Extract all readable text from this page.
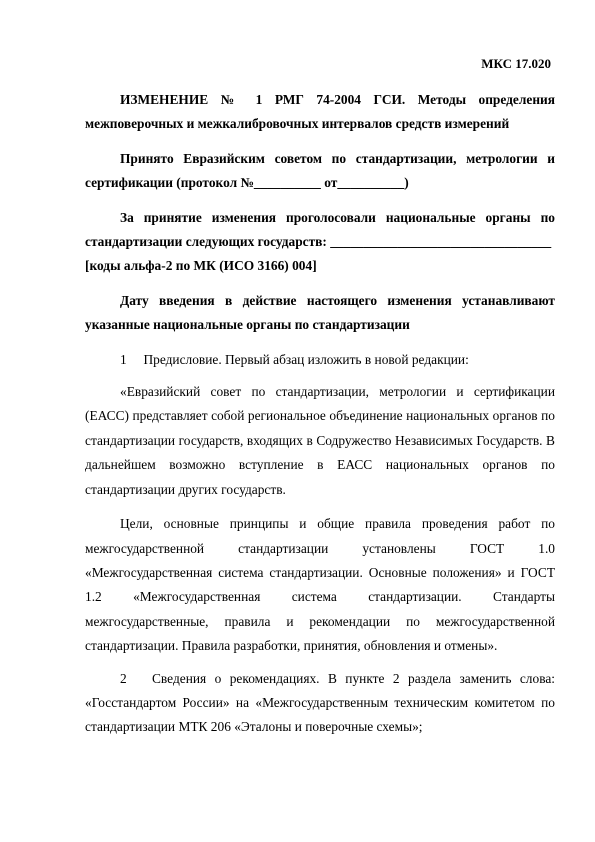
МКС 17.020

ИЗМЕНЕНИЕ № 1 РМГ 74-2004 ГСИ. Методы определения межповерочных и межкалибровочных интервалов средств измерений

Принято Евразийским советом по стандартизации, метрологии и сертификации (протокол №__________ от__________)

За принятие изменения проголосовали национальные органы по стандартизации следующих государств: _________________________________

[коды альфа-2 по МК (ИСО 3166) 004]

Дату введения в действие настоящего изменения устанавливают указанные национальные органы по стандартизации

1 Предисловие. Первый абзац изложить в новой редакции:

«Евразийский совет по стандартизации, метрологии и сертификации (ЕАСС) представляет собой региональное объединение национальных органов по стандартизации государств, входящих в Содружество Независимых Государств. В дальнейшем возможно вступление в ЕАСС национальных органов по стандартизации других государств.

Цели, основные принципы и общие правила проведения работ по межгосударственной стандартизации установлены ГОСТ 1.0 «Межгосударственная система стандартизации. Основные положения» и ГОСТ 1.2 «Межгосударственная система стандартизации. Стандарты межгосударственные, правила и рекомендации по межгосударственной стандартизации. Правила разработки, принятия, обновления и отмены».

2 Сведения о рекомендациях. В пункте 2 раздела заменить слова: «Госстандартом России» на «Межгосударственным техническим комитетом по стандартизации МТК 206 «Эталоны и поверочные схемы»;
